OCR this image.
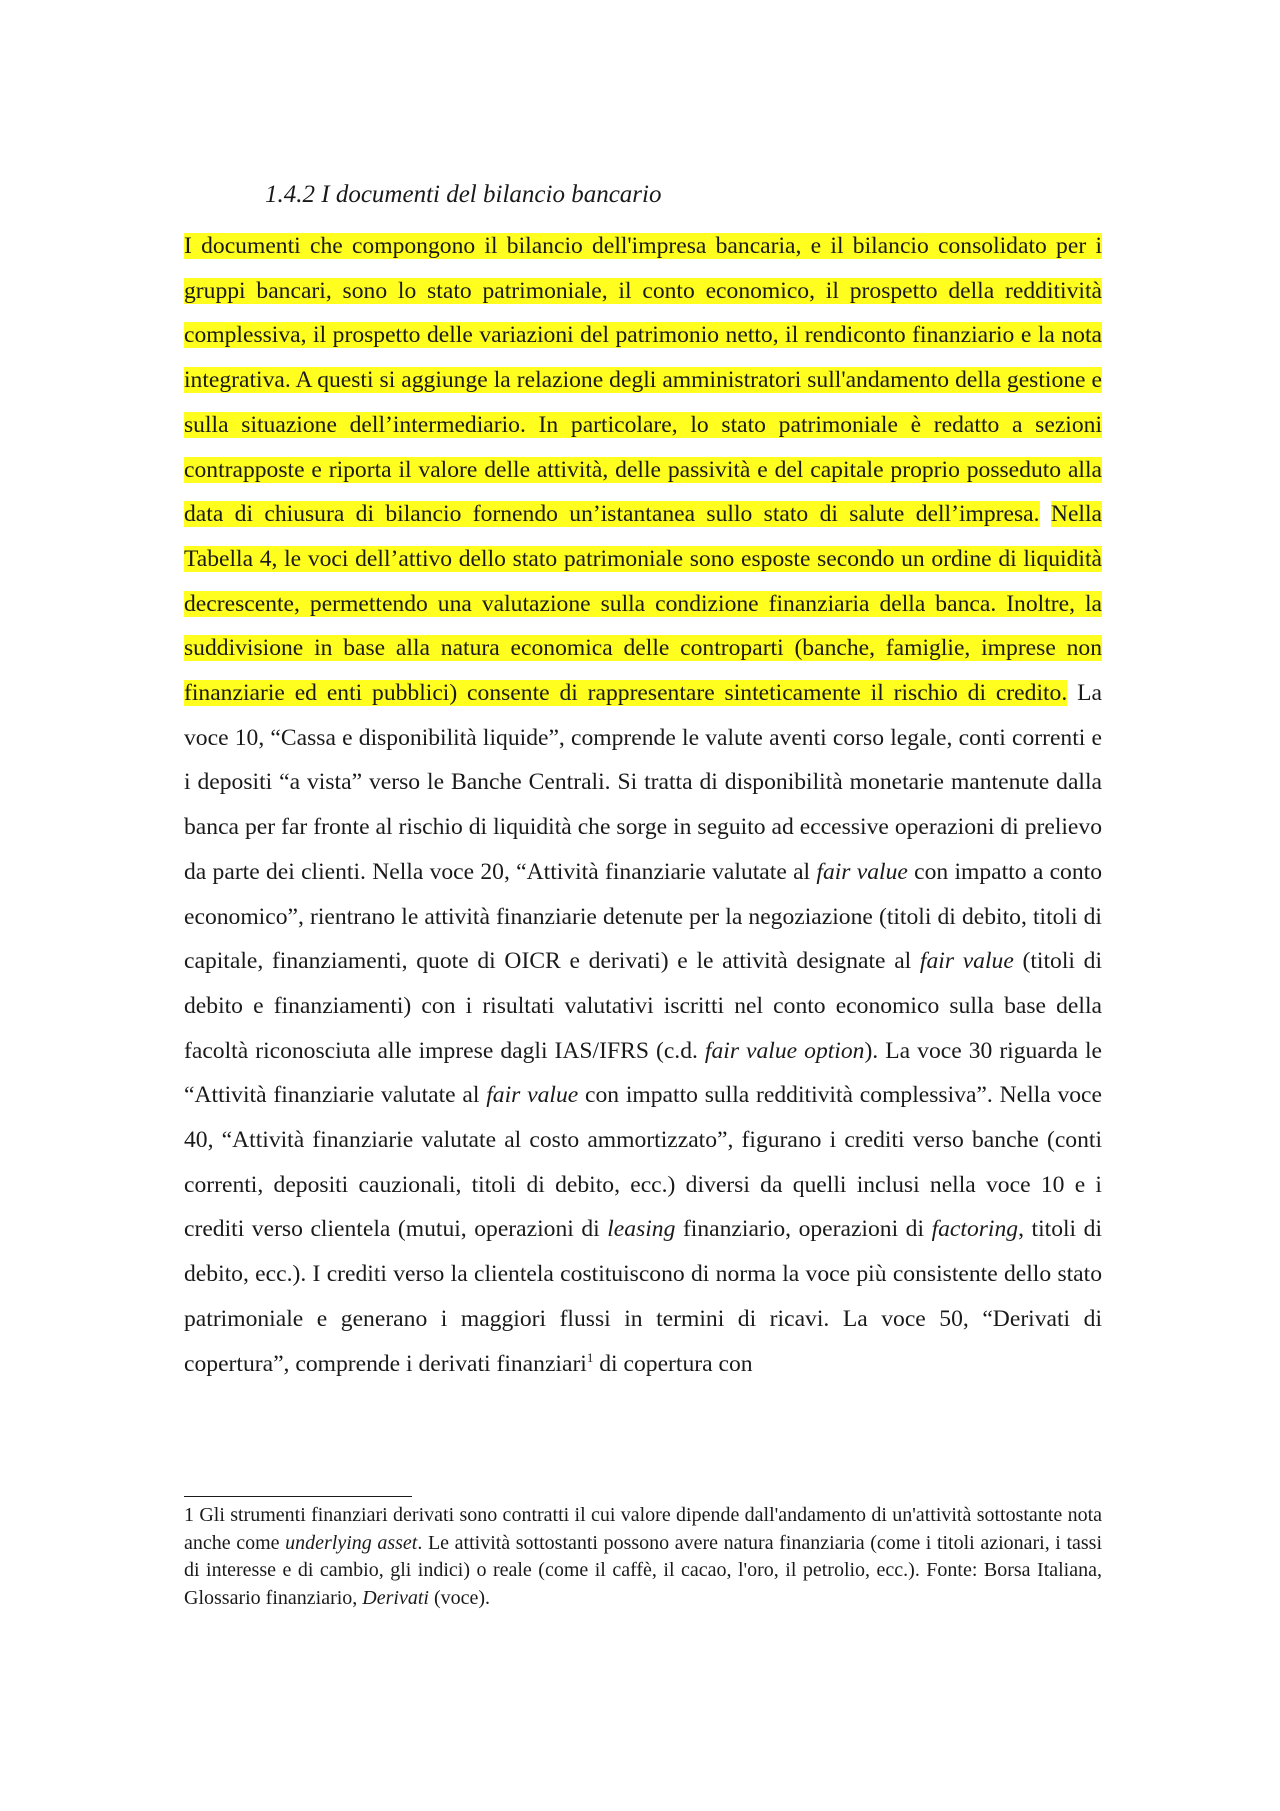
1.4.2 I documenti del bilancio bancario

I documenti che compongono il bilancio dell'impresa bancaria, e il bilancio consolidato per i gruppi bancari, sono lo stato patrimoniale, il conto economico, il prospetto della redditività complessiva, il prospetto delle variazioni del patrimonio netto, il rendiconto finanziario e la nota integrativa. A questi si aggiunge la relazione degli amministratori sull'andamento della gestione e sulla situazione dell’intermediario. In particolare, lo stato patrimoniale è redatto a sezioni contrapposte e riporta il valore delle attività, delle passività e del capitale proprio posseduto alla data di chiusura di bilancio fornendo un’istantanea sullo stato di salute dell’impresa. Nella Tabella 4, le voci dell’attivo dello stato patrimoniale sono esposte secondo un ordine di liquidità decrescente, permettendo una valutazione sulla condizione finanziaria della banca. Inoltre, la suddivisione in base alla natura economica delle controparti (banche, famiglie, imprese non finanziarie ed enti pubblici) consente di rappresentare sinteticamente il rischio di credito. La voce 10, “Cassa e disponibilità liquide”, comprende le valute aventi corso legale, conti correnti e i depositi “a vista” verso le Banche Centrali. Si tratta di disponibilità monetarie mantenute dalla banca per far fronte al rischio di liquidità che sorge in seguito ad eccessive operazioni di prelievo da parte dei clienti. Nella voce 20, “Attività finanziarie valutate al fair value con impatto a conto economico”, rientrano le attività finanziarie detenute per la negoziazione (titoli di debito, titoli di capitale, finanziamenti, quote di OICR e derivati) e le attività designate al fair value (titoli di debito e finanziamenti) con i risultati valutativi iscritti nel conto economico sulla base della facoltà riconosciuta alle imprese dagli IAS/IFRS (c.d. fair value option). La voce 30 riguarda le “Attività finanziarie valutate al fair value con impatto sulla redditività complessiva”. Nella voce 40, “Attività finanziarie valutate al costo ammortizzato”, figurano i crediti verso banche (conti correnti, depositi cauzionali, titoli di debito, ecc.) diversi da quelli inclusi nella voce 10 e i crediti verso clientela (mutui, operazioni di leasing finanziario, operazioni di factoring, titoli di debito, ecc.). I crediti verso la clientela costituiscono di norma la voce più consistente dello stato patrimoniale e generano i maggiori flussi in termini di ricavi. La voce 50, “Derivati di copertura”, comprende i derivati finanziari$^1$ di copertura con

1 Gli strumenti finanziari derivati sono contratti il cui valore dipende dall'andamento di un'attività sottostante nota anche come underlying asset. Le attività sottostanti possono avere natura finanziaria (come i titoli azionari, i tassi di interesse e di cambio, gli indici) o reale (come il caffè, il cacao, l'oro, il petrolio, ecc.). Fonte: Borsa Italiana, Glossario finanziario, Derivati (voce).
